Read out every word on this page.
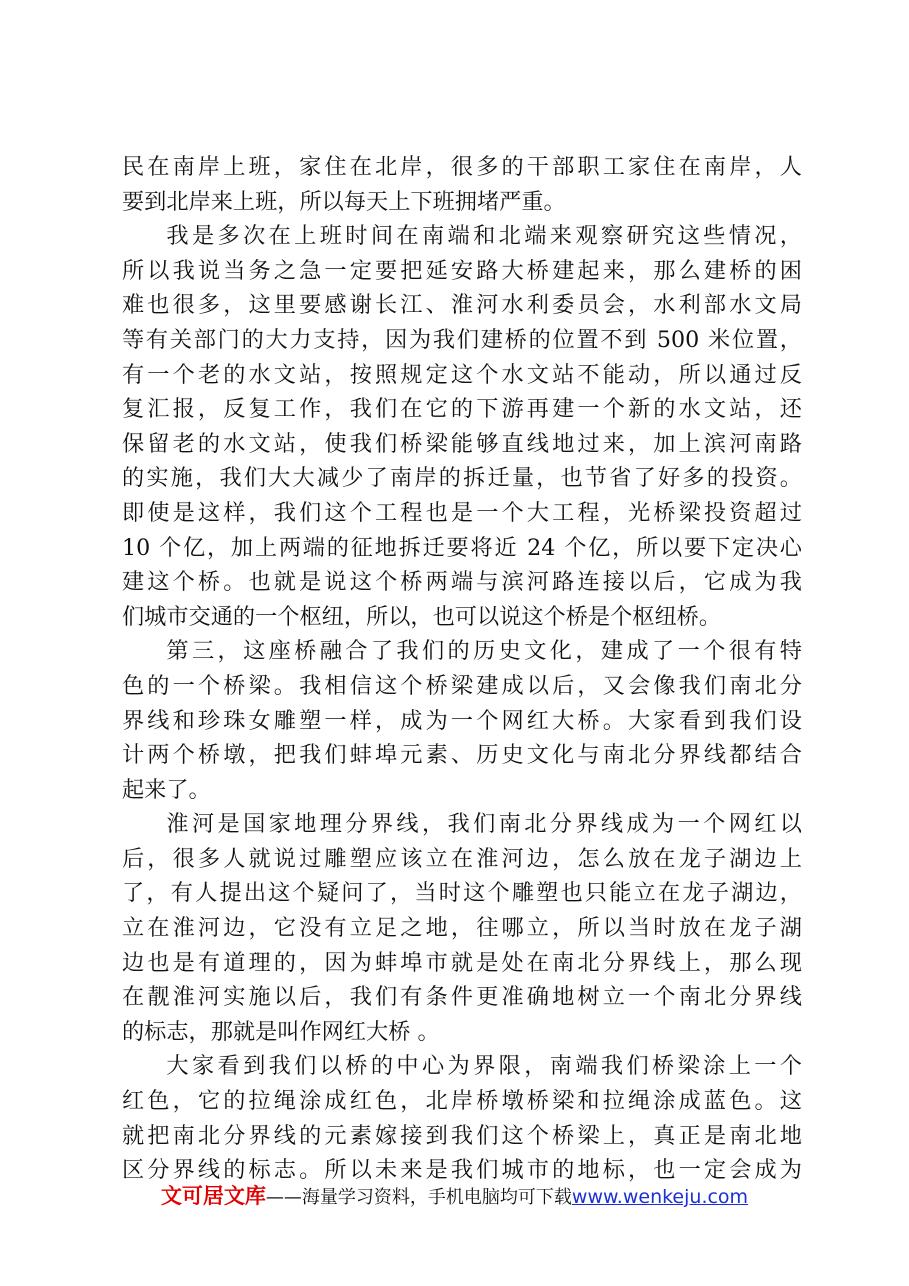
民在南岸上班，家住在北岸，很多的干部职工家住在南岸，人

要到北岸来上班，所以每天上下班拥堵严重。

我是多次在上班时间在南端和北端来观察研究这些情况，

所以我说当务之急一定要把延安路大桥建起来，那么建桥的困

难也很多，这里要感谢长江、淮河水利委员会，水利部水文局

等有关部门的大力支持，因为我们建桥的位置不到 500 米位置，

有一个老的水文站，按照规定这个水文站不能动，所以通过反

复汇报，反复工作，我们在它的下游再建一个新的水文站，还

保留老的水文站，使我们桥梁能够直线地过来，加上滨河南路

的实施，我们大大减少了南岸的拆迁量，也节省了好多的投资。

即使是这样，我们这个工程也是一个大工程，光桥梁投资超过

10 个亿，加上两端的征地拆迁要将近 24 个亿，所以要下定决心

建这个桥。也就是说这个桥两端与滨河路连接以后，它成为我

们城市交通的一个枢纽，所以，也可以说这个桥是个枢纽桥。

第三，这座桥融合了我们的历史文化，建成了一个很有特

色的一个桥梁。我相信这个桥梁建成以后，又会像我们南北分

界线和珍珠女雕塑一样，成为一个网红大桥。大家看到我们设

计两个桥墩，把我们蚌埠元素、历史文化与南北分界线都结合

起来了。

淮河是国家地理分界线，我们南北分界线成为一个网红以

后，很多人就说过雕塑应该立在淮河边，怎么放在龙子湖边上

了，有人提出这个疑问了，当时这个雕塑也只能立在龙子湖边，

立在淮河边，它没有立足之地，往哪立，所以当时放在龙子湖

边也是有道理的，因为蚌埠市就是处在南北分界线上，那么现

在靓淮河实施以后，我们有条件更准确地树立一个南北分界线

的标志，那就是叫作网红大桥 。

大家看到我们以桥的中心为界限，南端我们桥梁涂上一个

红色，它的拉绳涂成红色，北岸桥墩桥梁和拉绳涂成蓝色。这

就把南北分界线的元素嫁接到我们这个桥梁上，真正是南北地

区分界线的标志。所以未来是我们城市的地标，也一定会成为

文可居文库——海量学习资料，手机电脑均可下载www.wenkeju.com
